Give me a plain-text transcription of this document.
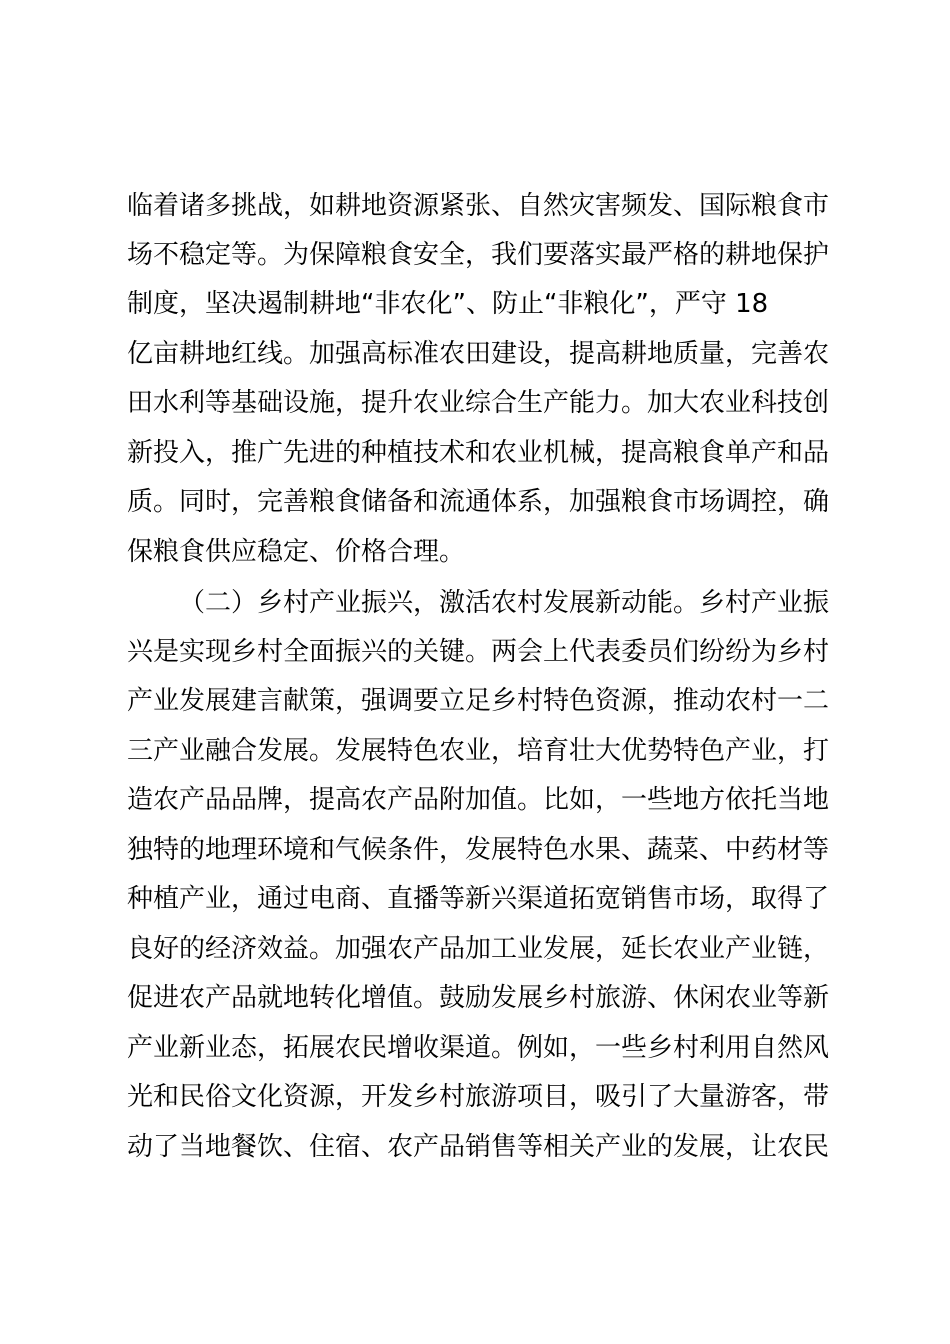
临着诸多挑战，如耕地资源紧张、自然灾害频发、国际粮食市
场不稳定等。为保障粮食安全，我们要落实最严格的耕地保护
制度，坚决遏制耕地“非农化”、防止“非粮化”，严守 18
亿亩耕地红线。加强高标准农田建设，提高耕地质量，完善农
田水利等基础设施，提升农业综合生产能力。加大农业科技创
新投入，推广先进的种植技术和农业机械，提高粮食单产和品
质。同时，完善粮食储备和流通体系，加强粮食市场调控，确
保粮食供应稳定、价格合理。
（二）乡村产业振兴，激活农村发展新动能。乡村产业振
兴是实现乡村全面振兴的关键。两会上代表委员们纷纷为乡村
产业发展建言献策，强调要立足乡村特色资源，推动农村一二
三产业融合发展。发展特色农业，培育壮大优势特色产业，打
造农产品品牌，提高农产品附加值。比如，一些地方依托当地
独特的地理环境和气候条件，发展特色水果、蔬菜、中药材等
种植产业，通过电商、直播等新兴渠道拓宽销售市场，取得了
良好的经济效益。加强农产品加工业发展，延长农业产业链，
促进农产品就地转化增值。鼓励发展乡村旅游、休闲农业等新
产业新业态，拓展农民增收渠道。例如，一些乡村利用自然风
光和民俗文化资源，开发乡村旅游项目，吸引了大量游客，带
动了当地餐饮、住宿、农产品销售等相关产业的发展，让农民
